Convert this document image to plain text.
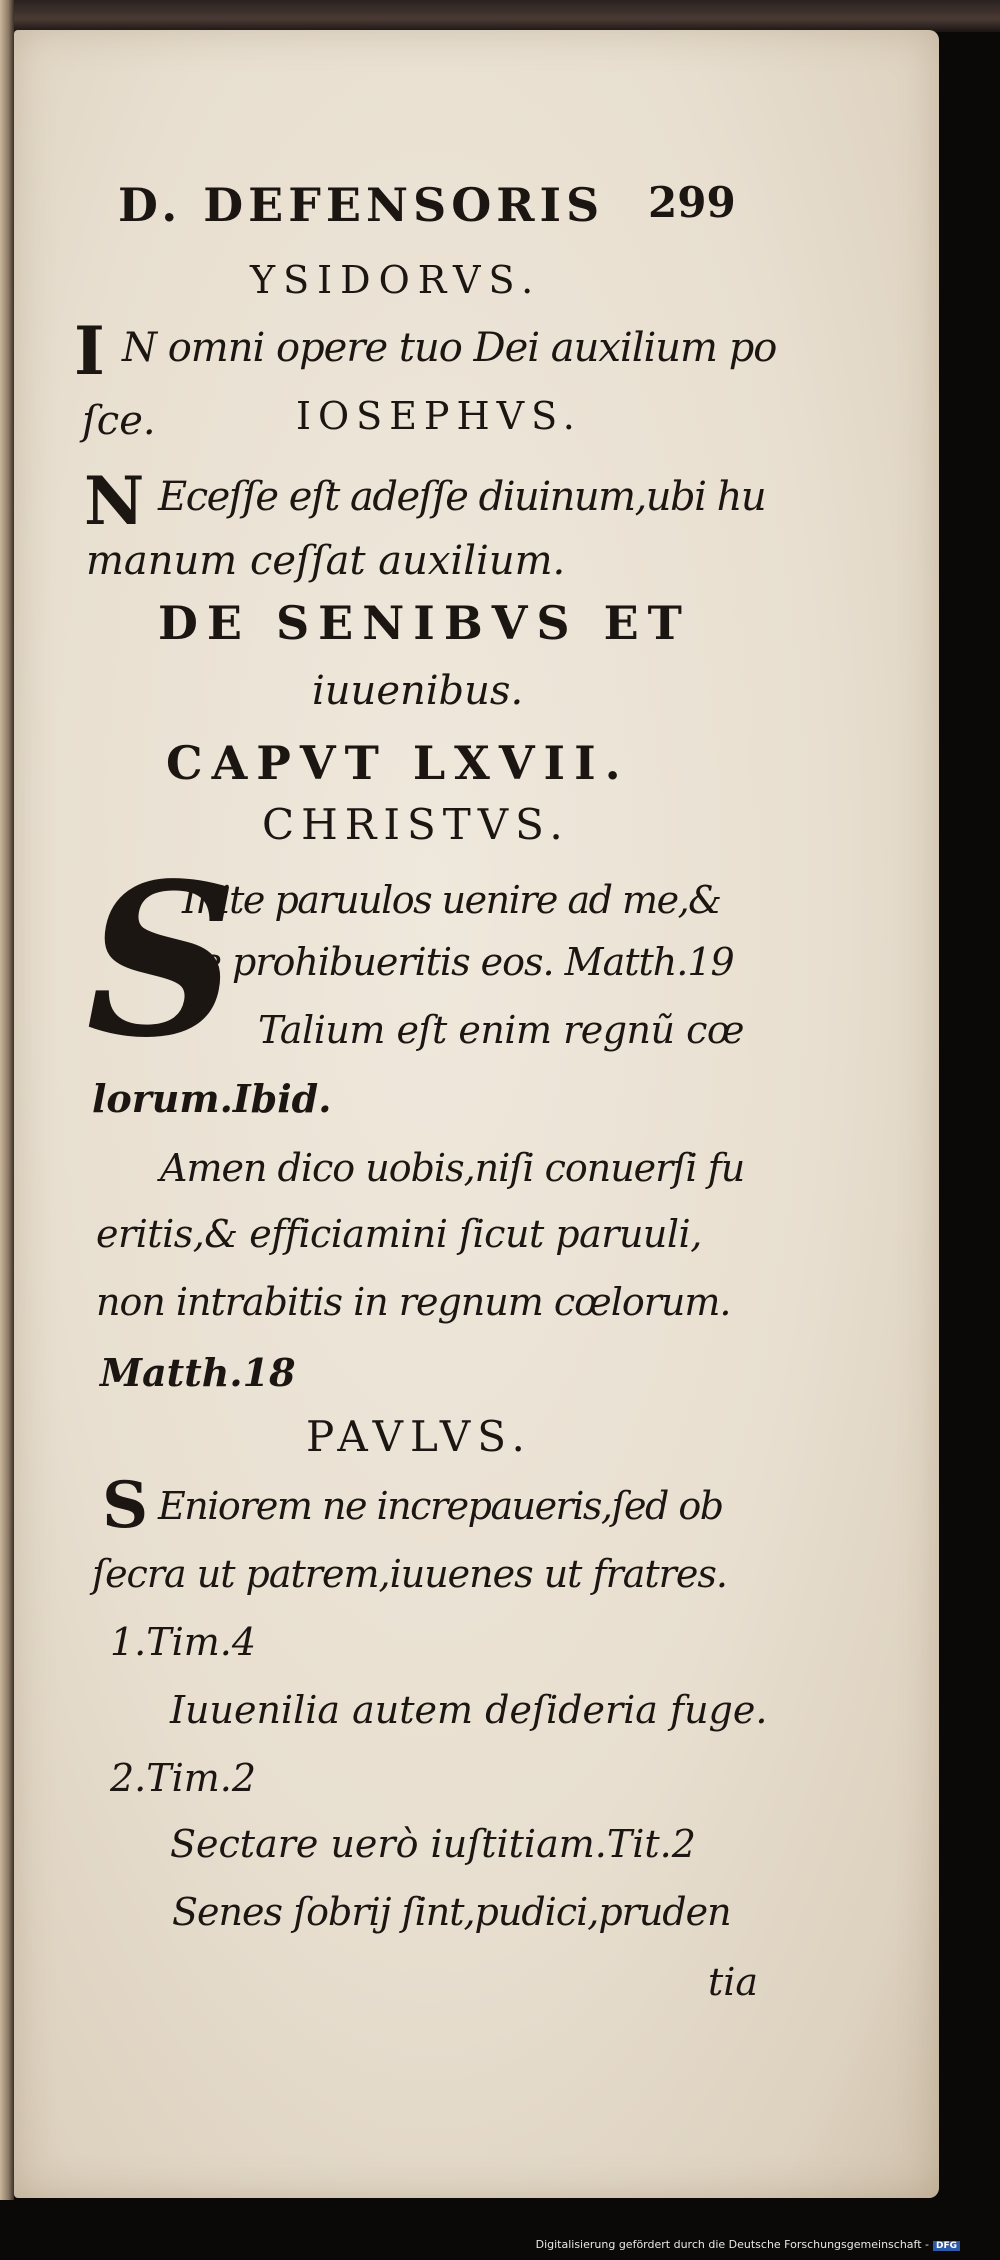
D. DEFENSORIS 299
YSIDORVS.
I N omni opere tuo Dei auxilium po
ſce.	IOSEPHVS.
N Eceſſe eſt adeſſe diuinum,ubi hu
manum ceſſat auxilium.
DE SENIBVS ET
iuuenibus.
CAPVT LXVII.
CHRISTVS.
S
Inite paruulos uenire ad me,&
ne prohibueritis eos. Matth.19
Talium eſt enim regnũ cœ
lorum.Ibid.
Amen dico uobis,niſi conuerſi fu
eritis,& efficiamini ſicut paruuli,
non intrabitis in regnum cœlorum.
Matth.18
PAVLVS.
S Eniorem ne increpaueris,ſed ob
ſecra ut patrem,iuuenes ut fratres.
1.Tim.4
Iuuenilia autem deſideria fuge.
2.Tim.2
Sectare uerò iuſtitiam.Tit.2
Senes ſobrij ſint,pudici,pruden
tia
Digitalisierung gefördert durch die Deutsche Forschungsgemeinschaft - DFG
